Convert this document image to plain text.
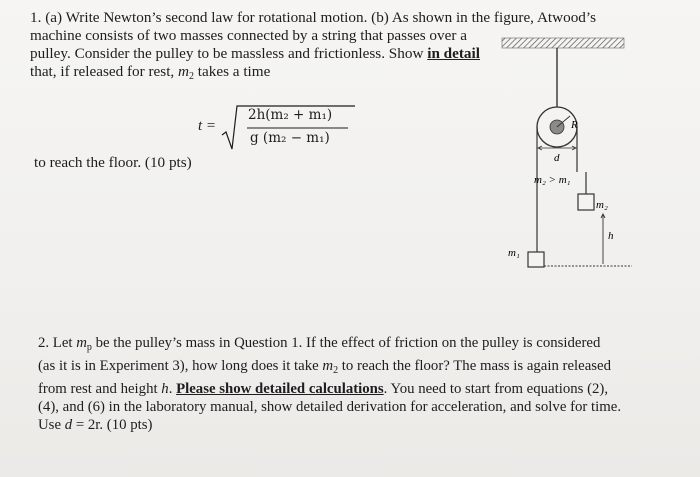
1. (a) Write Newton’s second law for rotational motion. (b) As shown in the figure, Atwood’s
machine consists of two masses connected by a string that passes over a
pulley. Consider the pulley to be massless and frictionless. Show in detail
that, if released for rest, $m_2$ takes a time
t =
2h(m₂ + m₁)
g (m₂ − m₁)
to reach the floor. (10 pts)
R
d
m₂ > m₁
m₂
h
m₁
2. Let $m_p$ be the pulley’s mass in Question 1. If the effect of friction on the pulley is considered
(as it is in Experiment 3), how long does it take $m_2$ to reach the floor? The mass is again released
from rest and height h. Please show detailed calculations. You need to start from equations (2),
(4), and (6) in the laboratory manual, show detailed derivation for acceleration, and solve for time.
Use d = 2r. (10 pts)
